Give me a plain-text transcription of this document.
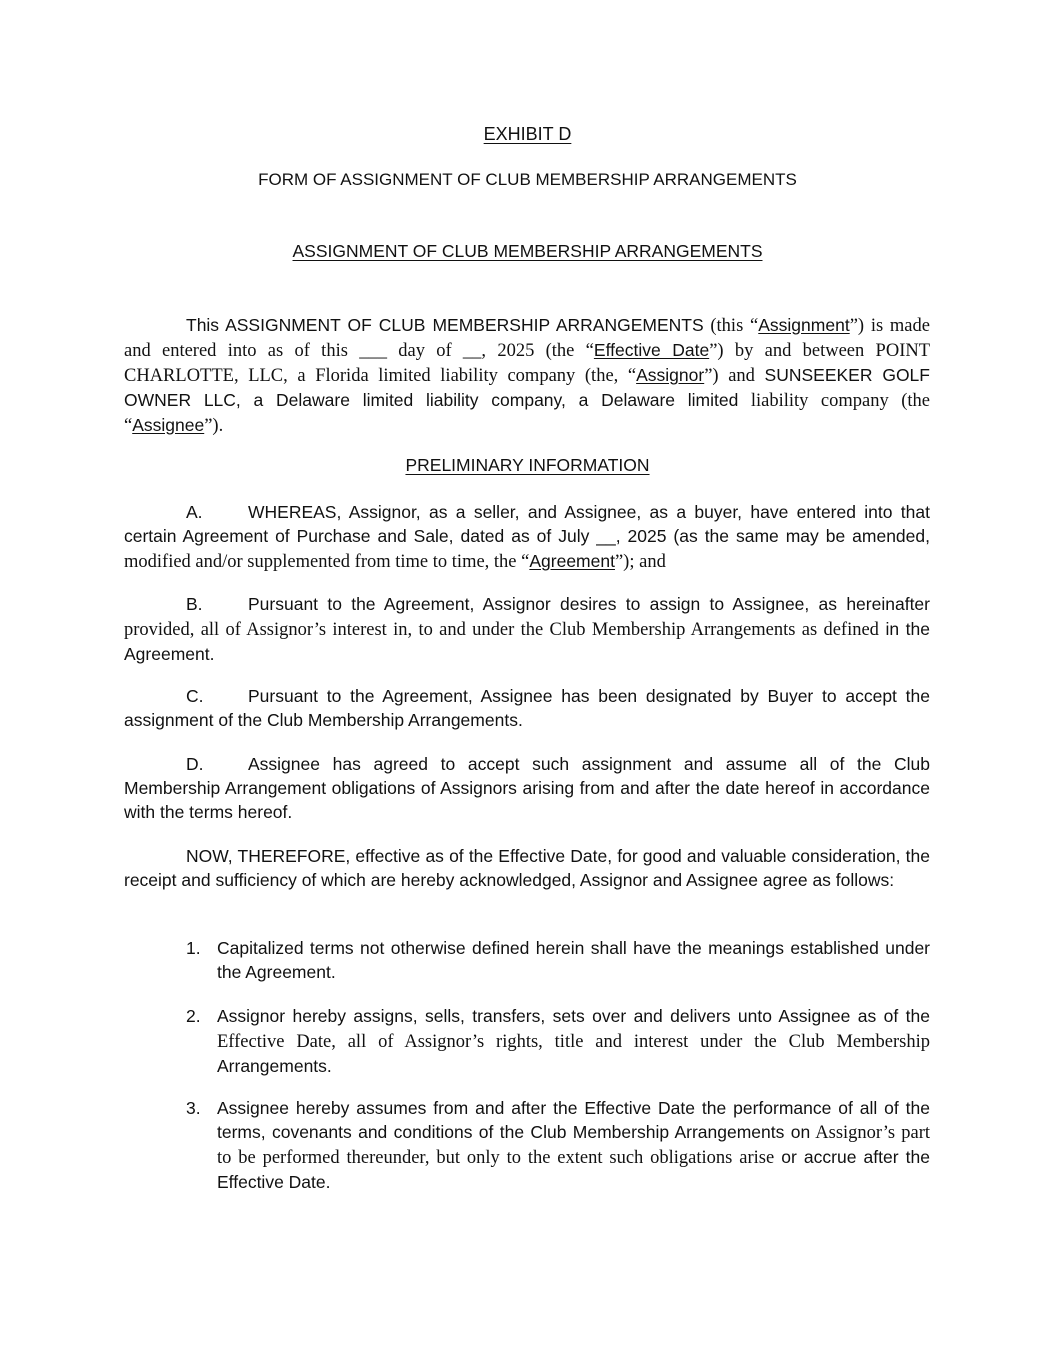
EXHIBIT D
FORM OF ASSIGNMENT OF CLUB MEMBERSHIP ARRANGEMENTS
ASSIGNMENT OF CLUB MEMBERSHIP ARRANGEMENTS

This ASSIGNMENT OF CLUB MEMBERSHIP ARRANGEMENTS (this “Assignment”) is made and entered into as of this ___ day of __, 2025 (the “Effective Date”) by and between POINT CHARLOTTE, LLC, a Florida limited liability company (the, “Assignor”) and SUNSEEKER GOLF OWNER LLC, a Delaware limited liability company, a Delaware limited liability company (the “Assignee”).

PRELIMINARY INFORMATION

A.	WHEREAS, Assignor, as a seller, and Assignee, as a buyer, have entered into that certain Agreement of Purchase and Sale, dated as of July __, 2025 (as the same may be amended, modified and/or supplemented from time to time, the “Agreement”); and

B.	Pursuant to the Agreement, Assignor desires to assign to Assignee, as hereinafter provided, all of Assignor’s interest in, to and under the Club Membership Arrangements as defined in the Agreement.

C.	Pursuant to the Agreement, Assignee has been designated by Buyer to accept the assignment of the Club Membership Arrangements.

D.	Assignee has agreed to accept such assignment and assume all of the Club Membership Arrangement obligations of Assignors arising from and after the date hereof in accordance with the terms hereof.

NOW, THEREFORE, effective as of the Effective Date, for good and valuable consideration, the receipt and sufficiency of which are hereby acknowledged, Assignor and Assignee agree as follows:

1. Capitalized terms not otherwise defined herein shall have the meanings established under the Agreement.
2. Assignor hereby assigns, sells, transfers, sets over and delivers unto Assignee as of the Effective Date, all of Assignor’s rights, title and interest under the Club Membership Arrangements.
3. Assignee hereby assumes from and after the Effective Date the performance of all of the terms, covenants and conditions of the Club Membership Arrangements on Assignor’s part to be performed thereunder, but only to the extent such obligations arise or accrue after the Effective Date.
